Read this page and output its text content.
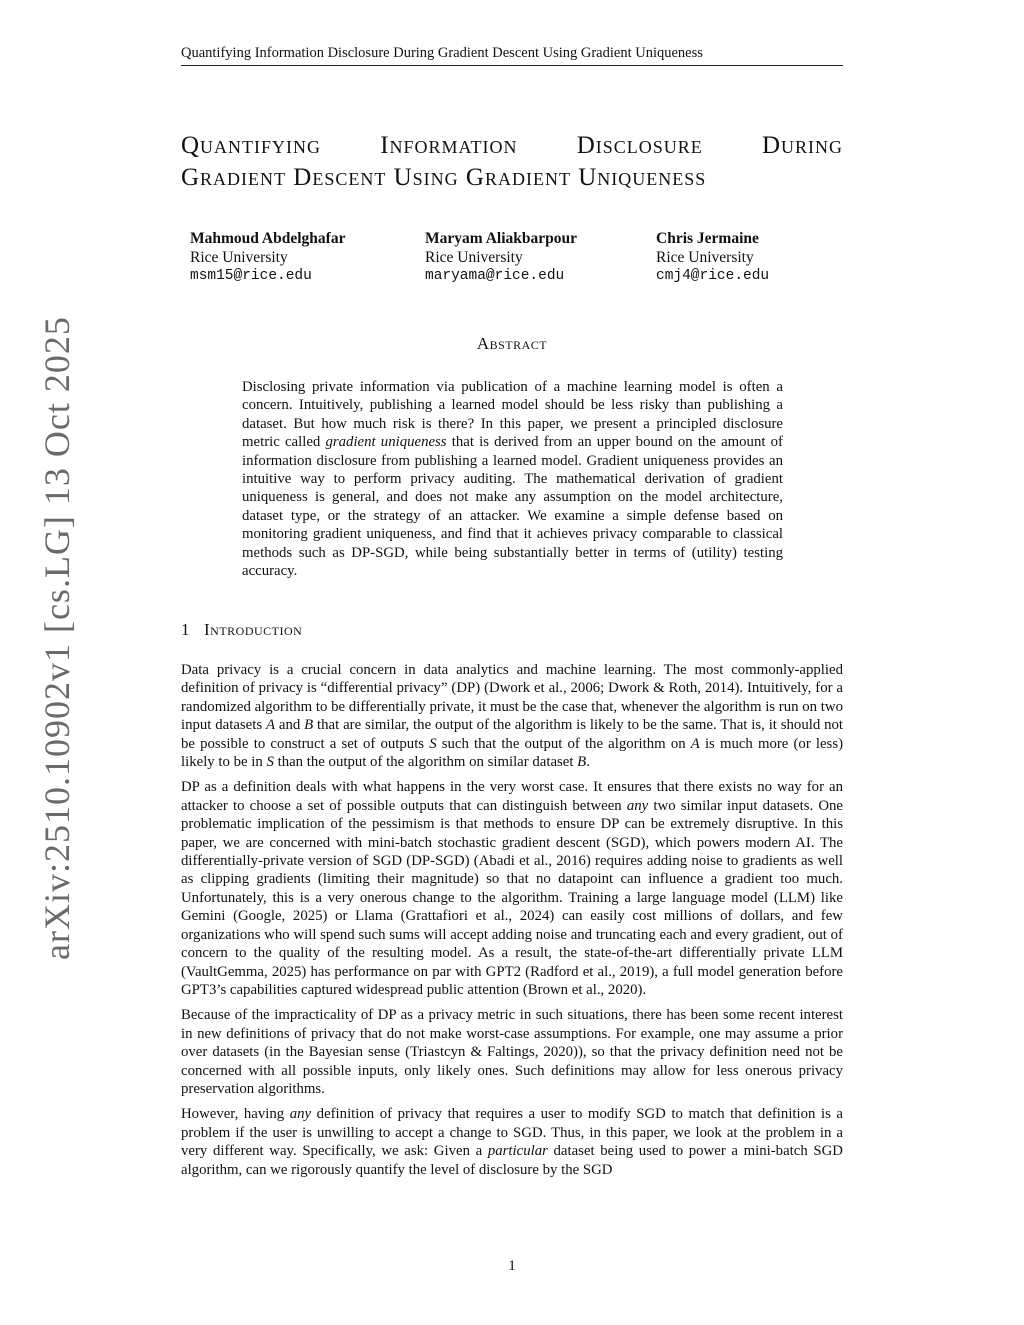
Quantifying Information Disclosure During Gradient Descent Using Gradient Uniqueness
arXiv:2510.10902v1 [cs.LG] 13 Oct 2025
Quantifying Information Disclosure During
Gradient Descent Using Gradient Uniqueness
Mahmoud Abdelghafar
Rice University
msm15@rice.edu
Maryam Aliakbarpour
Rice University
maryama@rice.edu
Chris Jermaine
Rice University
cmj4@rice.edu
Abstract

Disclosing private information via publication of a machine learning model is often a concern. Intuitively, publishing a learned model should be less risky than publishing a dataset. But how much risk is there? In this paper, we present a principled disclosure metric called gradient uniqueness that is derived from an upper bound on the amount of information disclosure from publishing a learned model. Gradient uniqueness provides an intuitive way to perform privacy auditing. The mathematical derivation of gradient uniqueness is general, and does not make any assumption on the model architecture, dataset type, or the strategy of an attacker. We examine a simple defense based on monitoring gradient uniqueness, and find that it achieves privacy comparable to classical methods such as DP-SGD, while being substantially better in terms of (utility) testing accuracy.

1 Introduction

Data privacy is a crucial concern in data analytics and machine learning. The most commonly-applied definition of privacy is “differential privacy” (DP) (Dwork et al., 2006; Dwork & Roth, 2014). Intuitively, for a randomized algorithm to be differentially private, it must be the case that, whenever the algorithm is run on two input datasets A and B that are similar, the output of the algorithm is likely to be the same. That is, it should not be possible to construct a set of outputs S such that the output of the algorithm on A is much more (or less) likely to be in S than the output of the algorithm on similar dataset B.

DP as a definition deals with what happens in the very worst case. It ensures that there exists no way for an attacker to choose a set of possible outputs that can distinguish between any two similar input datasets. One problematic implication of the pessimism is that methods to ensure DP can be extremely disruptive. In this paper, we are concerned with mini-batch stochastic gradient descent (SGD), which powers modern AI. The differentially-private version of SGD (DP-SGD) (Abadi et al., 2016) requires adding noise to gradients as well as clipping gradients (limiting their magnitude) so that no datapoint can influence a gradient too much. Unfortunately, this is a very onerous change to the algorithm. Training a large language model (LLM) like Gemini (Google, 2025) or Llama (Grattafiori et al., 2024) can easily cost millions of dollars, and few organizations who will spend such sums will accept adding noise and truncating each and every gradient, out of concern to the quality of the resulting model. As a result, the state-of-the-art differentially private LLM (VaultGemma, 2025) has performance on par with GPT2 (Radford et al., 2019), a full model generation before GPT3’s capabilities captured widespread public attention (Brown et al., 2020).

Because of the impracticality of DP as a privacy metric in such situations, there has been some recent interest in new definitions of privacy that do not make worst-case assumptions. For example, one may assume a prior over datasets (in the Bayesian sense (Triastcyn & Faltings, 2020)), so that the privacy definition need not be concerned with all possible inputs, only likely ones. Such definitions may allow for less onerous privacy preservation algorithms.

However, having any definition of privacy that requires a user to modify SGD to match that definition is a problem if the user is unwilling to accept a change to SGD. Thus, in this paper, we look at the problem in a very different way. Specifically, we ask: Given a particular dataset being used to power a mini-batch SGD algorithm, can we rigorously quantify the level of disclosure by the SGD

1
